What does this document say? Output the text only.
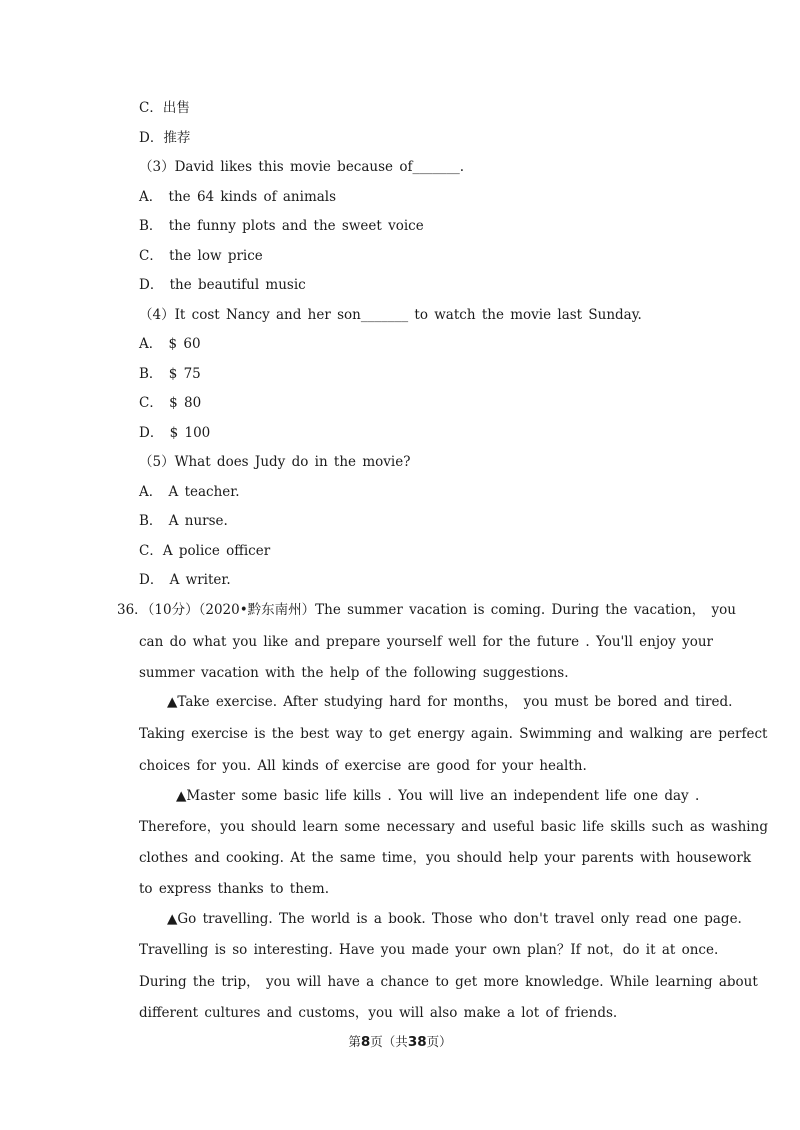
C．出售
D．推荐
（3）David likes this movie because of_______.
A． the 64 kinds of animals
B． the funny plots and the sweet voice
C． the low price
D． the beautiful music
（4）It cost Nancy and her son_______ to watch the movie last Sunday.
A． $ 60
B． $ 75
C． $ 80
D． $ 100
（5）What does Judy do in the movie?
A． A teacher.
B． A nurse.
C．A police officer
D． A writer.
36．（10分）（2020•黔东南州）The summer vacation is coming. During the vacation， you
can do what you like and prepare yourself well for the future . You'll enjoy your
summer vacation with the help of the following suggestions.
▲Take exercise. After studying hard for months， you must be bored and tired.
Taking exercise is the best way to get energy again. Swimming and walking are perfect
choices for you. All kinds of exercise are good for your health.
▲Master some basic life kills . You will live an independent life one day .
Therefore，you should learn some necessary and useful basic life skills such as washing
clothes and cooking. At the same time，you should help your parents with housework
to express thanks to them.
▲Go travelling. The world is a book. Those who don't travel only read one page.
Travelling is so interesting. Have you made your own plan？If not，do it at once.
During the trip， you will have a chance to get more knowledge. While learning about
different cultures and customs，you will also make a lot of friends.
第8页（共38页）
